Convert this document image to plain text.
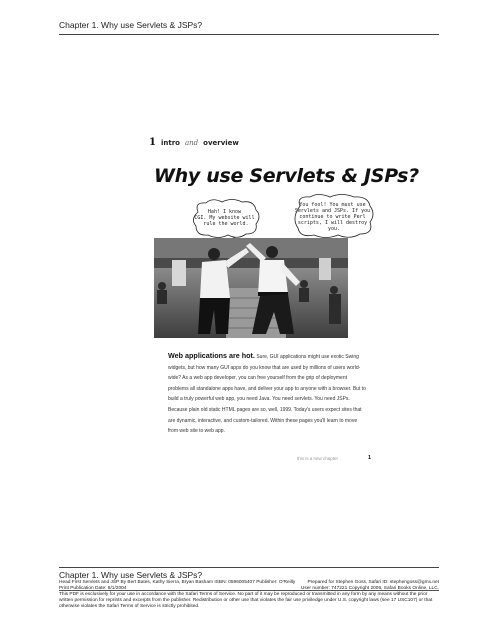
Chapter 1. Why use Servlets & JSPs?
1 intro and overview
Why use Servlets & JSPs?
Hah! I know CGI. My website will rule the world.
You fool! You must use Servlets and JSPs. If you continue to write Perl scripts, I will destroy you.
Web applications are hot. Sure, GUI applications might use exotic Swing widgets, but how many GUI apps do you know that are used by millions of users world-wide? As a web app developer, you can free yourself from the grip of deployment problems all standalone apps have, and deliver your app to anyone with a browser. But to build a truly powerful web app, you need Java. You need servlets. You need JSPs. Because plain old static HTML pages are so, well, 1999. Today's users expect sites that are dynamic, interactive, and custom-tailored. Within these pages you'll learn to move from web site to web app.
this is a new chapter	1
Chapter 1. Why use Servlets & JSPs?
Head First Servlets and JSP By Bert Bates, Kathy Sierra, Bryan Basham ISBN: 0596005407 Publisher: O'Reilly	Prepared for Stephen Goss, Safari ID: stephengoss@gmx.net
Print Publication Date: 8/1/2004	User number: 747221 Copyright 2006, Safari Books Online, LLC.
This PDF is exclusively for your use in accordance with the Safari Terms of Service. No part of it may be reproduced or transmitted in any form by any means without the prior
written permission for reprints and excerpts from the publisher. Redistribution or other use that violates the fair use priviledge under U.S. copyright laws (see 17 USC107) or that
otherwise violates the Safari Terms of Service is strictly prohibited.
